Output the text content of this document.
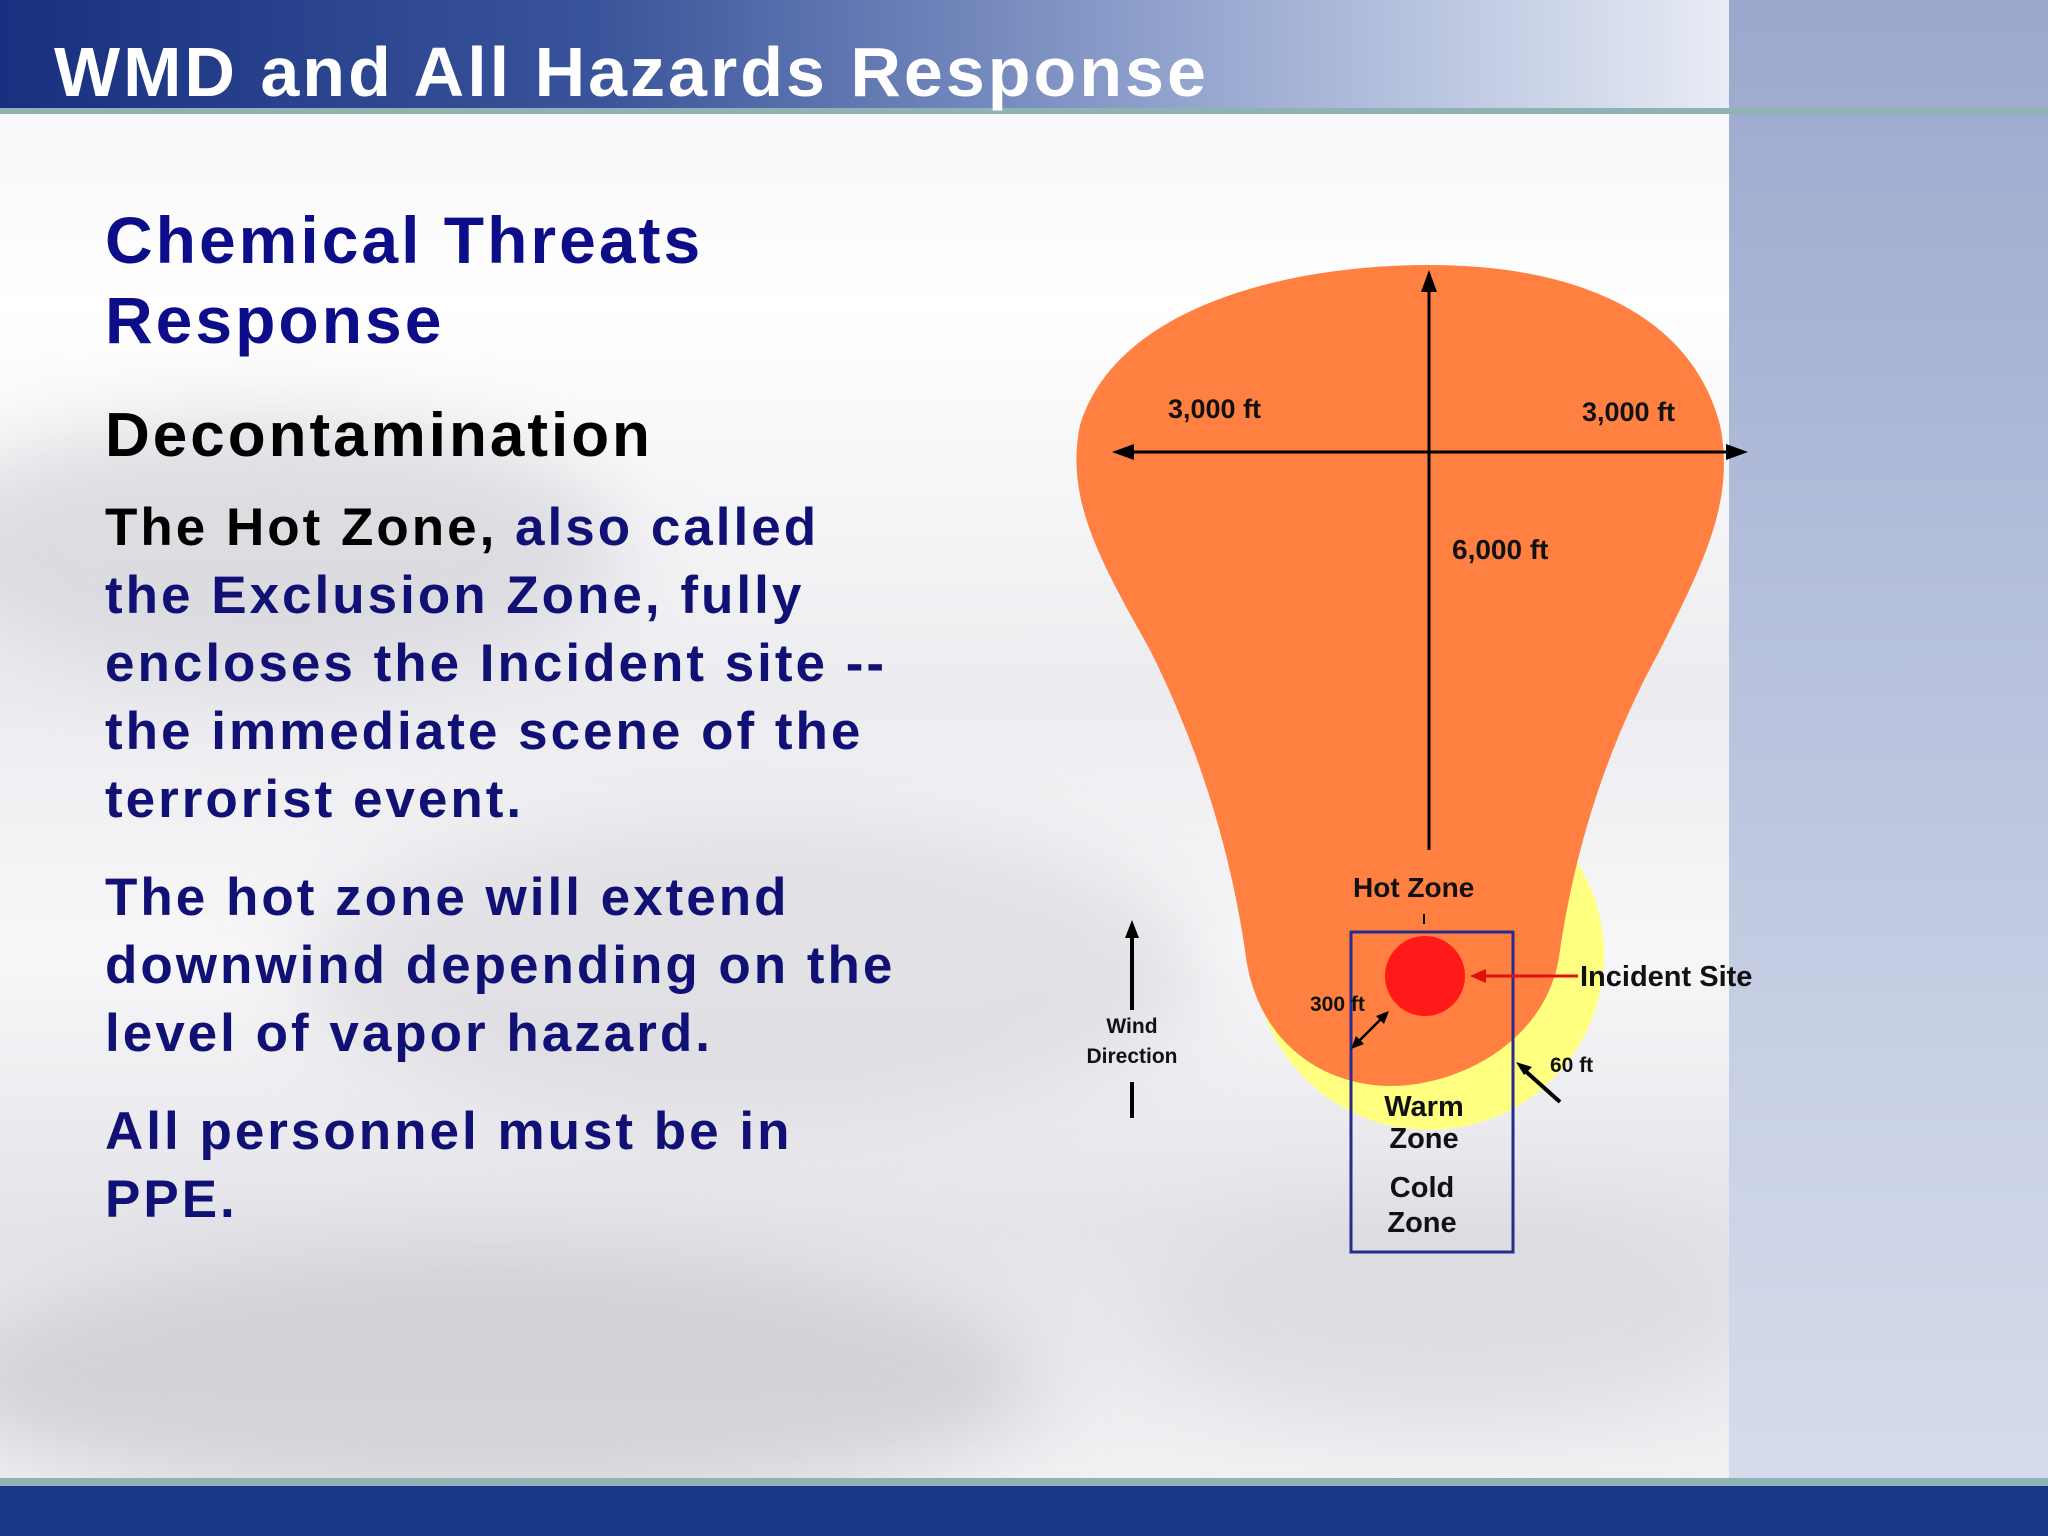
WMD and All Hazards Response
Chemical Threats
Response
Decontamination

The Hot Zone, also called
the Exclusion Zone, fully
encloses the Incident site --
the immediate scene of the
terrorist event.

The hot zone will extend
downwind depending on the
level of vapor hazard.

All personnel must be in
PPE.

3,000 ft	3,000 ft
6,000 ft
Hot Zone
Incident Site
300 ft
60 ft
Wind
Direction
Warm
Zone
Cold
Zone
